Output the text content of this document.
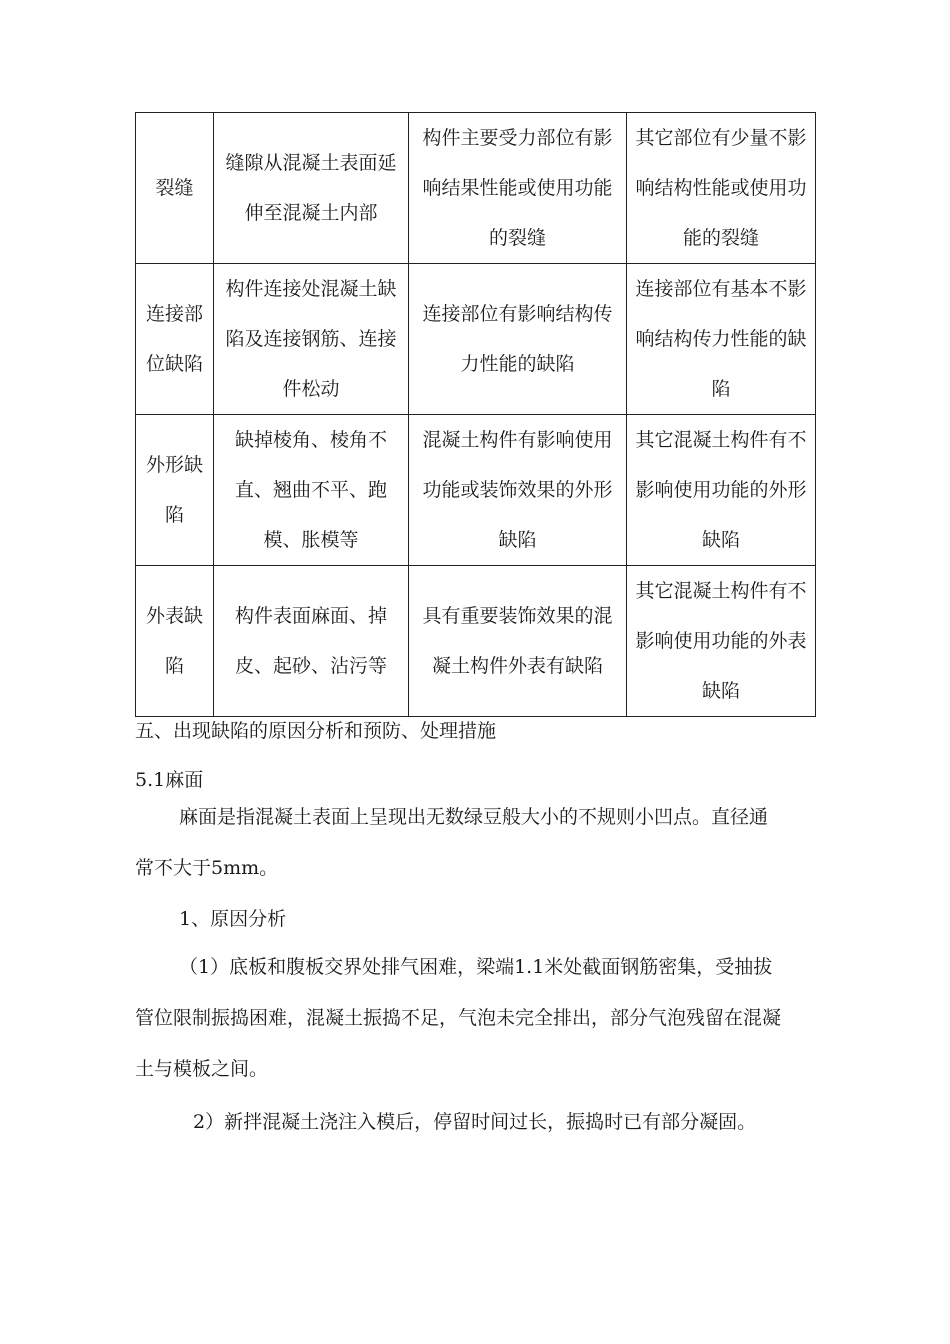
裂缝	缝隙从混凝土表面延伸至混凝土内部	构件主要受力部位有影响结果性能或使用功能的裂缝	其它部位有少量不影响结构性能或使用功能的裂缝
连接部位缺陷	构件连接处混凝土缺陷及连接钢筋、连接件松动	连接部位有影响结构传力性能的缺陷	连接部位有基本不影响结构传力性能的缺陷
外形缺陷	缺掉棱角、棱角不直、翘曲不平、跑模、胀模等	混凝土构件有影响使用功能或装饰效果的外形缺陷	其它混凝土构件有不影响使用功能的外形缺陷
外表缺陷	构件表面麻面、掉皮、起砂、沾污等	具有重要装饰效果的混凝土构件外表有缺陷	其它混凝土构件有不影响使用功能的外表缺陷

五、出现缺陷的原因分析和预防、处理措施

5.1麻面

麻面是指混凝土表面上呈现出无数绿豆般大小的不规则小凹点。直径通常不大于5mm。

1、原因分析

（1）底板和腹板交界处排气困难，梁端1.1米处截面钢筋密集，受抽拔管位限制振捣困难，混凝土振捣不足，气泡未完全排出，部分气泡残留在混凝土与模板之间。

2）新拌混凝土浇注入模后，停留时间过长，振捣时已有部分凝固。
